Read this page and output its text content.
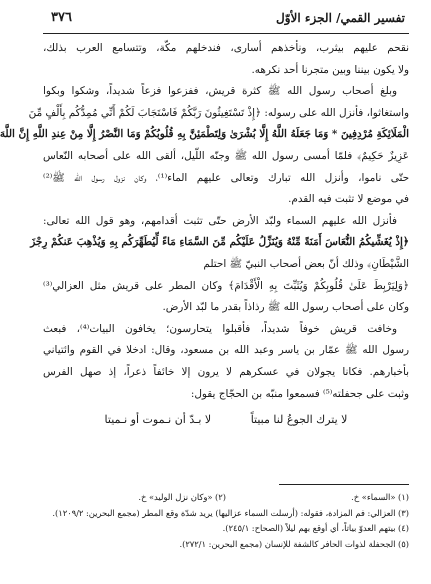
تفسير القمي/ الجزء الأوّل
٣٧٦
نقحم عليهم بيثرب، ونأخذهم أسارى، فندخلهم مكّة، وتتسامع العرب بذلك،
ولا يكون بيننا وبين متجرنا أحد نكرهه.
وبلغ أصحاب رسول الله ﷺ كثرة قريش، ففزعوا فزعاً شديداً، وشكوا وبكوا
واستغاثوا، فأنزل الله على رسوله: ﴿إِذْ تَسْتَغِيثُونَ رَبَّكُمْ فَاسْتَجَابَ لَكُمْ أَنِّي مُمِدُّكُم بِأَلْفٍ مِّنَ
الْمَلَائِكَةِ مُرْدِفِينَ * وَمَا جَعَلَهُ اللَّهُ إِلَّا بُشْرَىٰ وَلِتَطْمَئِنَّ بِهِ قُلُوبُكُمْ وَمَا النَّصْرُ إِلَّا مِنْ عِندِ اللَّهِ إِنَّ اللَّهَ
عَزِيزٌ حَكِيمٌ﴾ فلمّا أمسى رسول الله ﷺ وجنّه اللّيل، ألقى الله على أصحابه النّعاس
حتّى ناموا، وأنزل الله تبارك وتعالى عليهم الماء⁽¹⁾، وكان نزول رسول الله ﷺ⁽²⁾
في موضع لا تثبت فيه القدم.
فأنزل الله عليهم السماء ولبّد الأرض حتّى تثبت أقدامهم، وهو قول الله تعالى:
﴿إِذْ يُغَشِّيكُمُ النُّعَاسَ أَمَنَةً مِّنْهُ وَيُنَزِّلُ عَلَيْكُم مِّنَ السَّمَاءِ مَاءً لِّيُطَهِّرَكُم بِهِ وَيُذْهِبَ عَنكُمْ رِجْزَ
الشَّيْطَانِ﴾ وذلك أنّ بعض أصحاب النبيّ ﷺ احتلم
﴿وَلِيَرْبِطَ عَلَىٰ قُلُوبِكُمْ وَيُثَبِّتَ بِهِ الْأَقْدَامَ﴾ وكان المطر على قريش مثل العزالي⁽³⁾
وكان على أصحاب رسول الله ﷺ رذاذاً بقدر ما لبّد الأرض.
وخافت قريش خوفاً شديداً، فأقبلوا يتحارسون؛ يخافون البيات⁽⁴⁾، فبعث
رسول الله ﷺ عمّار بن ياسر وعبد الله بن مسعود، وقال: ادخلا في القوم وائتياني
بأخبارهم. فكانا يجولان في عسكرهم لا يرون إلا خائفاً ذعراً، إذ صهل الفرس
وثبت على جحفلته⁽⁵⁾ فسمعوا منبّه بن الحجّاج يقول:
لا يترك الجوعُ لنا مبيتاً لا بـدّ أن نـموت أو نـميتا
(١) «السماء» خ.
(٢) «وكان نزل الوليد» خ.
(٣) العزالي: فم المزادة، فقوله: (أرسلت السماء عزاليها) يريد شدّة وقع المطر (مجمع البحرين: ١٢٠٩/٢).
(٤) بيتهم العدوّ بياتاً، أي أوقع بهم ليلاً (الصحاح: ٢٤٥/١).
(٥) الجحفلة لذوات الحافر كالشفة للإنسان (مجمع البحرين: ٢٧٢/١).
